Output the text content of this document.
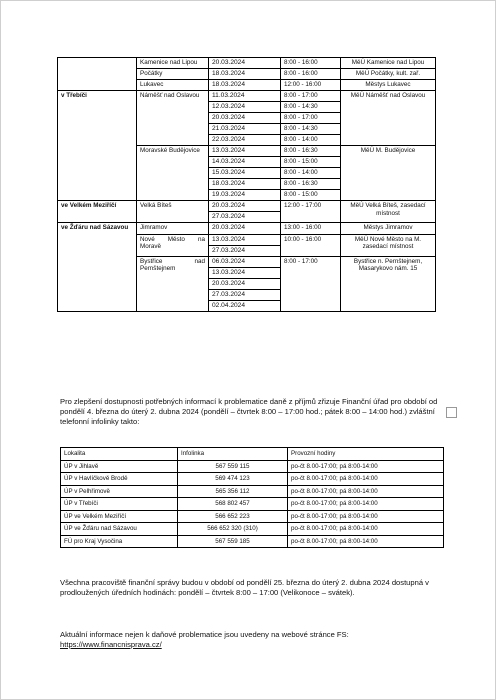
	Kamenice nad Lipou	20.03.2024	8:00 - 16:00	MěÚ Kamenice nad Lipou
	Počátky	18.03.2024	8:00 - 16:00	MěÚ Počátky, kult. zař.
	Lukavec	18.03.2024	12:00 - 16:00	Městys Lukavec
v Třebíči	Náměšť nad Oslavou	11.03.2024	8:00 - 17:00	MěÚ Náměšť nad Oslavou
		12.03.2024	8:00 - 14:30	
		20.03.2024	8:00 - 17:00	
		21.03.2024	8:00 - 14:30	
		22.03.2024	8:00 - 14:00	
	Moravské Budějovice	13.03.2024	8:00 - 16:30	MěÚ M. Budějovice
		14.03.2024	8:00 - 15:00	
		15.03.2024	8:00 - 14:00	
		18.03.2024	8:00 - 16:30	
		19.03.2024	8:00 - 15:00	
ve Velkém Meziříčí	Velká Bíteš	20.03.2024	12:00 - 17:00	MěÚ Velká Bíteš, zasedací místnost
		27.03.2024		
ve Žďáru nad Sázavou	Jimramov	20.03.2024	13:00 - 16:00	Městys Jimramov
	Nové Město na Moravě	13.03.2024	10:00 - 16:00	MěÚ Nové Město na M. zasedací místnost
		27.03.2024		
	Bystřice nad Pernštejnem	06.03.2024	8:00 - 17:00	Bystřice n. Pernštejnem, Masarykovo nám. 15
		13.03.2024		
		20.03.2024		
		27.03.2024		
		02.04.2024		
Pro zlepšení dostupnosti potřebných informací k problematice daně z příjmů zřizuje Finanční úřad pro období od pondělí 4. března do úterý 2. dubna 2024 (pondělí – čtvrtek 8:00 – 17:00 hod.; pátek 8:00 – 14:00 hod.) zvláštní telefonní infolinky takto:
Lokalita	Infolinka	Provozní hodiny
ÚP v Jihlavě	567 559 115	po-čt 8.00-17:00; pá 8:00-14:00
ÚP v Havlíčkově Brodě	569 474 123	po-čt 8.00-17:00; pá 8:00-14:00
ÚP v Pelhřimově	565 356 112	po-čt 8.00-17:00; pá 8:00-14:00
ÚP v Třebíči	568 802 457	po-čt 8.00-17:00; pá 8:00-14:00
ÚP ve Velkém Meziříčí	566 652 223	po-čt 8.00-17:00; pá 8:00-14:00
ÚP ve Žďáru nad Sázavou	566 652 320 (310)	po-čt 8.00-17:00; pá 8:00-14:00
FÚ pro Kraj Vysočina	567 559 185	po-čt 8.00-17:00; pá 8:00-14:00
Všechna pracoviště finanční správy budou v období od pondělí 25. března do úterý 2. dubna 2024 dostupná v prodloužených úředních hodinách: pondělí – čtvrtek 8:00 – 17:00 (Velikonoce – svátek).
Aktuální informace nejen k daňové problematice jsou uvedeny na webové stránce FS: https://www.financnisprava.cz/
